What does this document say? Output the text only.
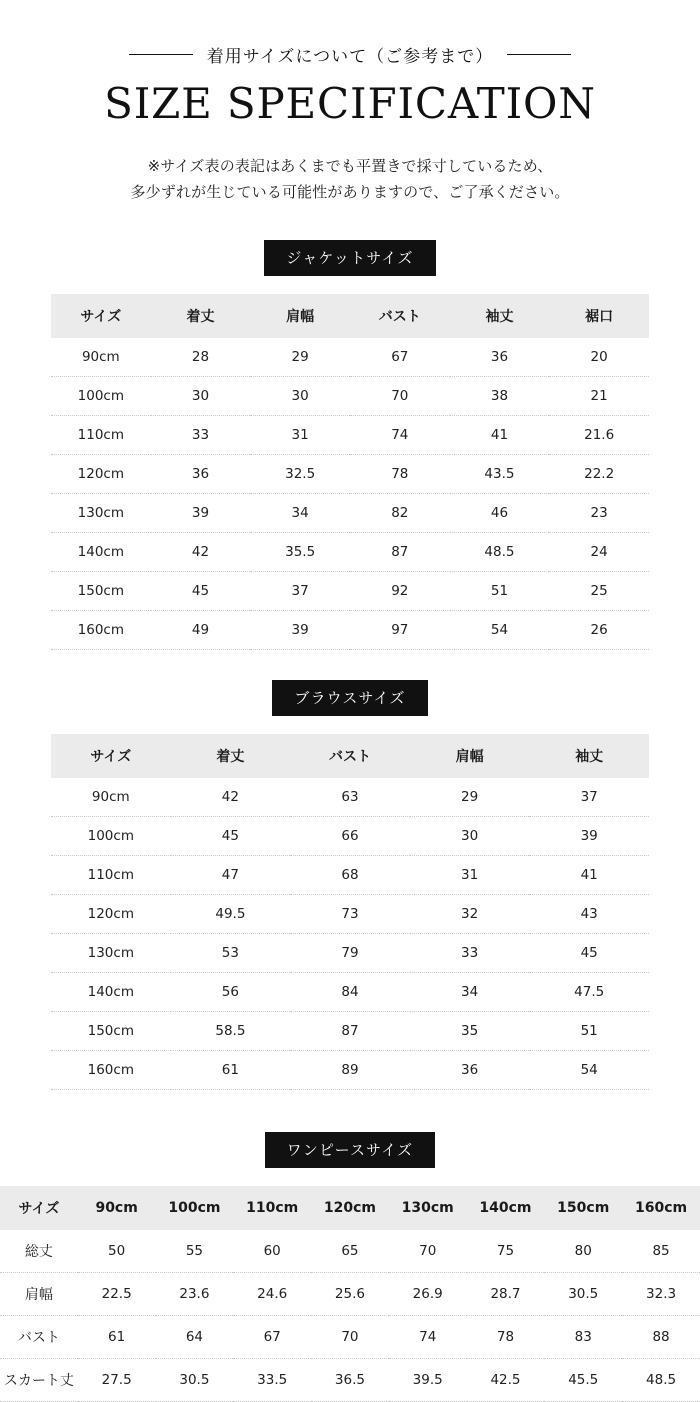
着用サイズについて（ご参考まで）
SIZE SPECIFICATION
※サイズ表の表記はあくまでも平置きで採寸しているため、
多少ずれが生じている可能性がありますので、ご了承ください。
ジャケットサイズ
サイズ	着丈	肩幅	バスト	袖丈	裾口
90cm	28	29	67	36	20
100cm	30	30	70	38	21
110cm	33	31	74	41	21.6
120cm	36	32.5	78	43.5	22.2
130cm	39	34	82	46	23
140cm	42	35.5	87	48.5	24
150cm	45	37	92	51	25
160cm	49	39	97	54	26
ブラウスサイズ
サイズ	着丈	バスト	肩幅	袖丈
90cm	42	63	29	37
100cm	45	66	30	39
110cm	47	68	31	41
120cm	49.5	73	32	43
130cm	53	79	33	45
140cm	56	84	34	47.5
150cm	58.5	87	35	51
160cm	61	89	36	54
ワンピースサイズ
サイズ	90cm	100cm	110cm	120cm	130cm	140cm	150cm	160cm
総丈	50	55	60	65	70	75	80	85
肩幅	22.5	23.6	24.6	25.6	26.9	28.7	30.5	32.3
バスト	61	64	67	70	74	78	83	88
スカート丈	27.5	30.5	33.5	36.5	39.5	42.5	45.5	48.5
